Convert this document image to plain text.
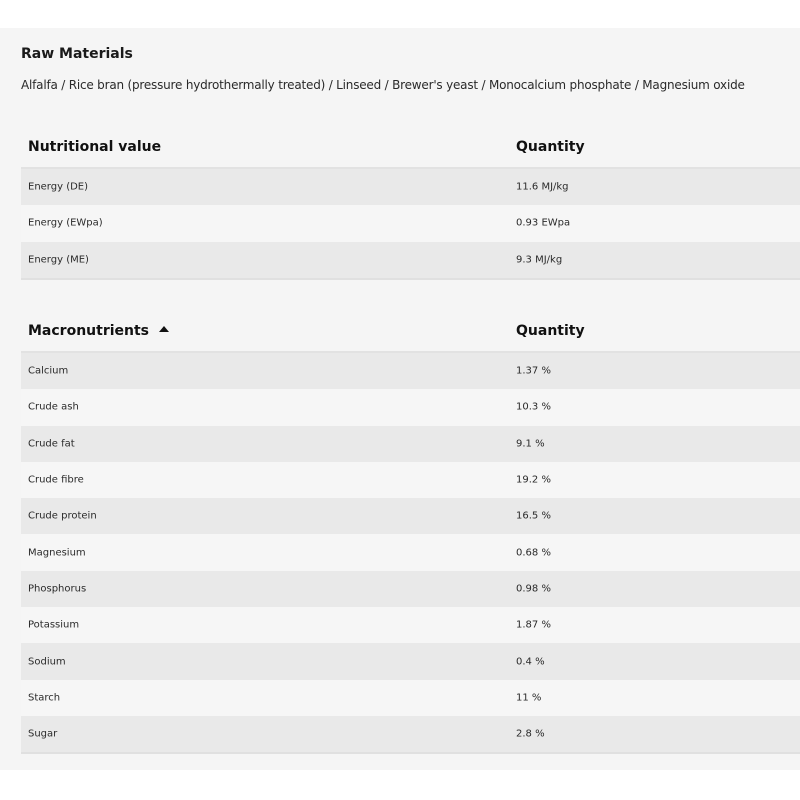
Raw Materials
Alfalfa / Rice bran (pressure hydrothermally treated) / Linseed / Brewer's yeast / Monocalcium phosphate / Magnesium oxide
Nutritional value	Quantity
Energy (DE)	11.6 MJ/kg
Energy (EWpa)	0.93 EWpa
Energy (ME)	9.3 MJ/kg
Macronutrients	Quantity
Calcium	1.37 %
Crude ash	10.3 %
Crude fat	9.1 %
Crude fibre	19.2 %
Crude protein	16.5 %
Magnesium	0.68 %
Phosphorus	0.98 %
Potassium	1.87 %
Sodium	0.4 %
Starch	11 %
Sugar	2.8 %
